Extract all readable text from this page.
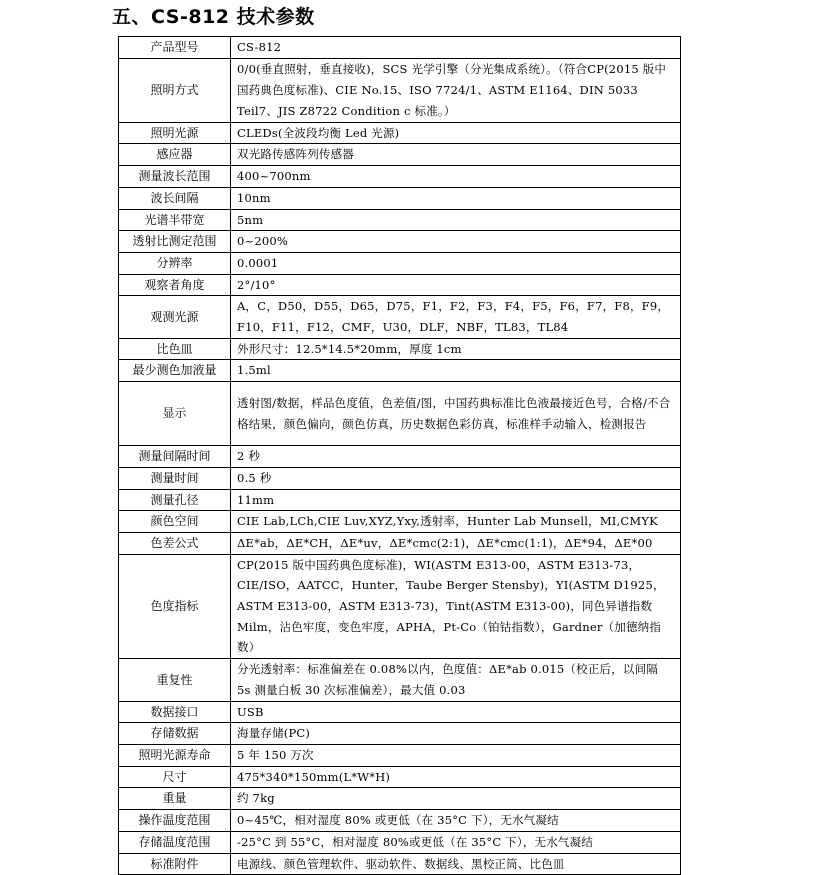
五、CS-812 技术参数
产品型号	CS-812
照明方式	0/0(垂直照射，垂直接收)，SCS 光学引擎（分光集成系统）。（符合CP(2015 版中国药典色度标准)、CIE No.15、ISO 7724/1、ASTM E1164、DIN 5033 Teil7、JIS Z8722 Condition c 标准。）
照明光源	CLEDs(全波段均衡 Led 光源)
感应器	双光路传感阵列传感器
测量波长范围	400~700nm
波长间隔	10nm
光谱半带宽	5nm
透射比测定范围	0~200%
分辨率	0.0001
观察者角度	2°/10°
观测光源	A，C，D50，D55，D65，D75，F1，F2，F3，F4，F5，F6，F7，F8，F9，F10，F11，F12，CMF，U30，DLF，NBF，TL83，TL84
比色皿	外形尺寸：12.5*14.5*20mm，厚度 1cm
最少测色加液量	1.5ml
显示	透射图/数据，样品色度值，色差值/图，中国药典标准比色液最接近色号，合格/不合格结果，颜色偏向，颜色仿真，历史数据色彩仿真，标准样手动输入，检测报告
测量间隔时间	2 秒
测量时间	0.5 秒
测量孔径	11mm
颜色空间	CIE Lab,LCh,CIE Luv,XYZ,Yxy,透射率，Hunter Lab Munsell，MI,CMYK
色差公式	ΔE*ab，ΔE*CH，ΔE*uv，ΔE*cmc(2:1)，ΔE*cmc(1:1)，ΔE*94，ΔE*00
色度指标	CP(2015 版中国药典色度标准)，WI(ASTM E313-00，ASTM E313-73，CIE/ISO，AATCC，Hunter，Taube Berger Stensby)，YI(ASTM D1925，ASTM E313-00，ASTM E313-73)，Tint(ASTM E313-00)，同色异谱指数 Milm，沾色牢度，变色牢度，APHA，Pt-Co（铂钴指数），Gardner（加德纳指数）
重复性	分光透射率：标准偏差在 0.08%以内，色度值：ΔE*ab 0.015（校正后，以间隔 5s 测量白板 30 次标准偏差），最大值 0.03
数据接口	USB
存储数据	海量存储(PC)
照明光源寿命	5 年 150 万次
尺寸	475*340*150mm(L*W*H)
重量	约 7kg
操作温度范围	0~45℃，相对湿度 80% 或更低（在 35°C 下），无水气凝结
存储温度范围	-25°C 到 55°C，相对湿度 80%或更低（在 35°C 下），无水气凝结
标准附件	电源线、颜色管理软件、驱动软件、数据线、黑校正筒、比色皿
